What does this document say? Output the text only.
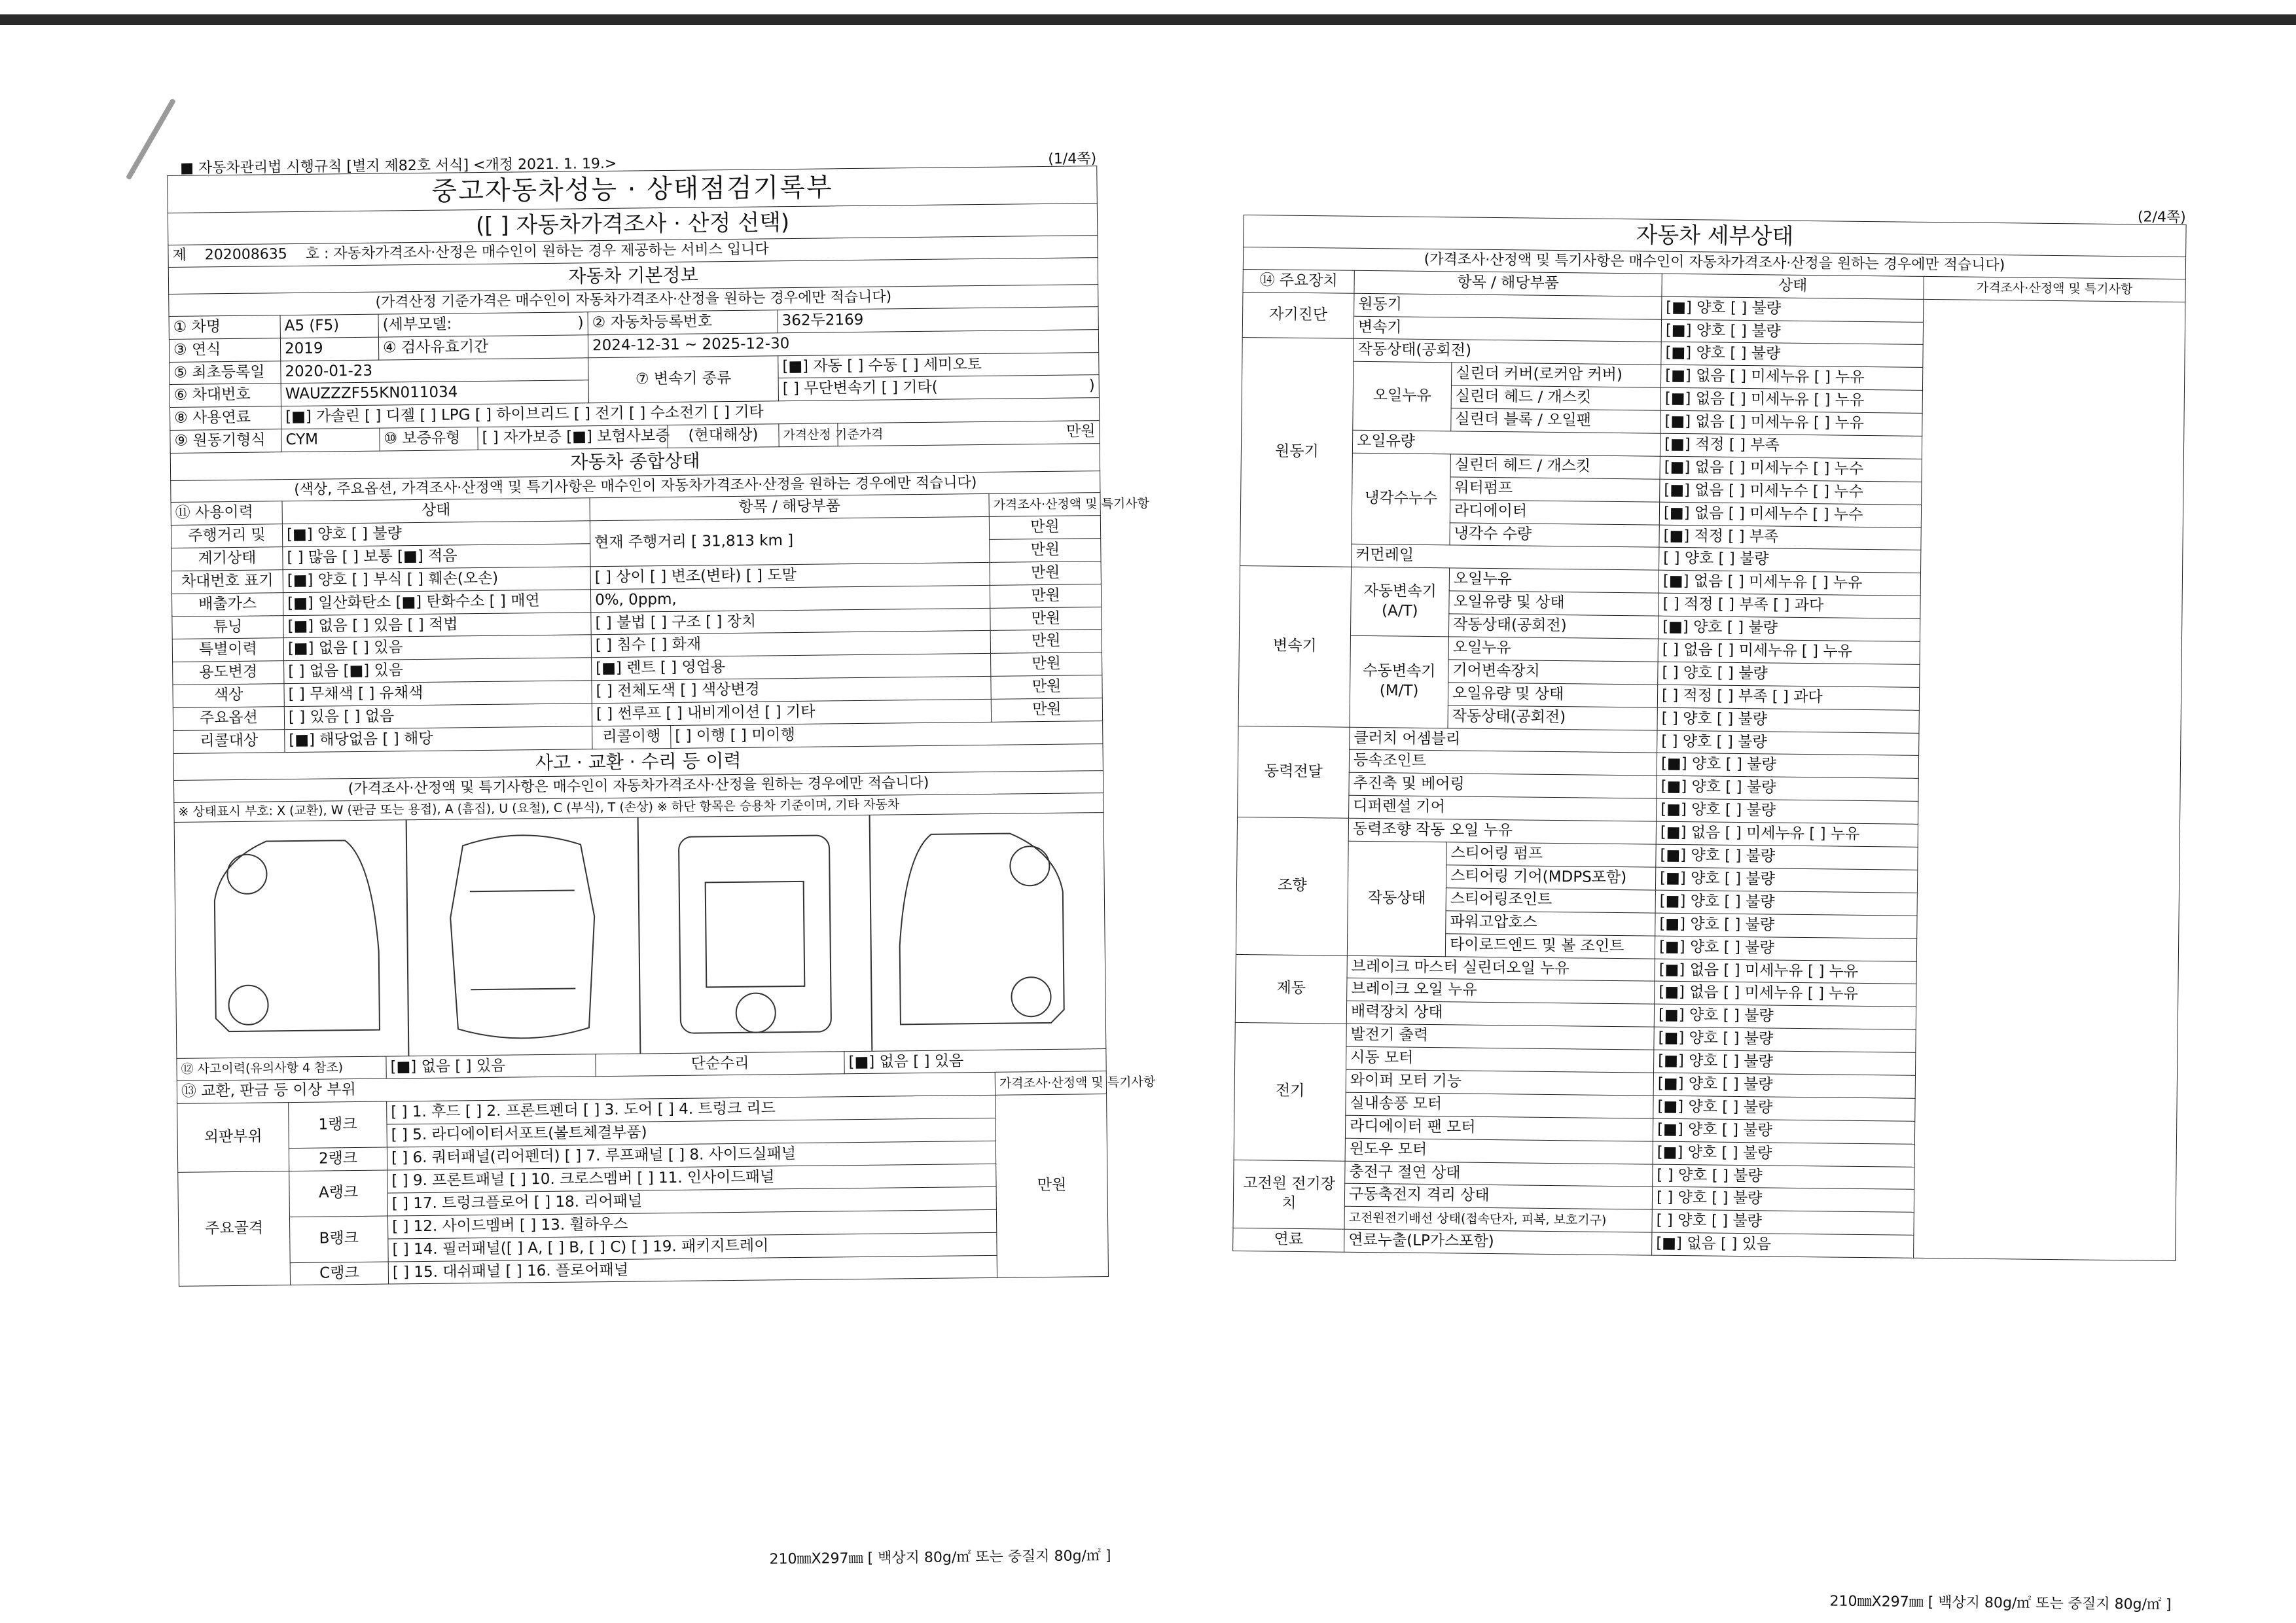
■ 자동차관리법 시행규칙 [별지 제82호 서식] <개정 2021. 1. 19.>	(1/4쪽)
중고자동차성능 · 상태점검기록부								
([ ] 자동차가격조사 · 산정 선택)								
제 202008635 호 : 자동차가격조사·산정은 매수인이 원하는 경우 제공하는 서비스 입니다								
자동차 기본정보								
(가격산정 기준가격은 매수인이 자동차가격조사·산정을 원하는 경우에만 적습니다)								
① 차명	A5 (F5)	(세부모델: )		② 자동차등록번호		362두2169		
③ 연식	2019	④ 검사유효기간		2024-12-31 ~ 2025-12-30				
⑤ 최초등록일	2020-01-23			⑦ 변속기 종류		[■] 자동 [ ] 수동 [ ] 세미오토		
⑥ 차대번호	WAUZZZF55KN011034					[ ] 무단변속기 [ ] 기타( )		

⑧ 사용연료	[■] 가솔린 [ ] 디젤 [ ] LPG [ ] 하이브리드 [ ] 전기 [ ] 수소전기 [ ] 기타							
⑨ 원동기형식	CYM	⑩ 보증유형	[ ] 자가보증 [■] 보험사보증		(현대해상)	가격산정 기준가격	만원	
자동차 종합상태								
(색상, 주요옵션, 가격조사·산정액 및 특기사항은 매수인이 자동차가격조사·산정을 원하는 경우에만 적습니다)								
⑪ 사용이력	상태			항목 / 해당부품				가격조사·산정액 및 특기사항
주행거리 및	[■] 양호 [ ] 불량			현재 주행거리 [ 31,813 km ]				만원
계기상태	[ ] 많음 [ ] 보통 [■] 적음							만원
차대번호 표기	[■] 양호 [ ] 부식 [ ] 훼손(오손)			[ ] 상이 [ ] 변조(변타) [ ] 도말				만원
배출가스	[■] 일산화탄소 [■] 탄화수소 [ ] 매연			0%, 0ppm,				만원
튜닝	[■] 없음 [ ] 있음 [ ] 적법			[ ] 불법 [ ] 구조 [ ] 장치				만원
특별이력	[■] 없음 [ ] 있음			[ ] 침수 [ ] 화재				만원
용도변경	[ ] 없음 [■] 있음			[■] 렌트 [ ] 영업용				만원
색상	[ ] 무채색 [ ] 유채색			[ ] 전체도색 [ ] 색상변경				만원
주요옵션	[ ] 있음 [ ] 없음			[ ] 썬루프 [ ] 내비게이션 [ ] 기타				만원
리콜대상	[■] 해당없음 [ ] 해당			리콜이행	[ ] 이행 [ ] 미이행			
사고 · 교환 · 수리 등 이력								
(가격조사·산정액 및 특기사항은 매수인이 자동차가격조사·산정을 원하는 경우에만 적습니다)								
※ 상태표시 부호: X (교환), W (판금 또는 용접), A (흠집), U (요철), C (부식), T (손상) ※ 하단 항목은 승용차 기준이며, 기타 자동차								

⑫ 사고이력(유의사항 4 참조)		[■] 없음 [ ] 있음		단순수리			[■] 없음 [ ] 있음	
⑬ 교환, 판금 등 이상 부위								가격조사·산정액 및 특기사항
외판부위	1랭크	[ ] 1. 후드 [ ] 2. 프론트펜더 [ ] 3. 도어 [ ] 4. 트렁크 리드						만원
		[ ] 5. 라디에이터서포트(볼트체결부품)						
	2랭크	[ ] 6. 쿼터패널(리어펜더) [ ] 7. 루프패널 [ ] 8. 사이드실패널						
주요골격	A랭크	[ ] 9. 프론트패널 [ ] 10. 크로스멤버 [ ] 11. 인사이드패널						
		[ ] 17. 트렁크플로어 [ ] 18. 리어패널						
	B랭크	[ ] 12. 사이드멤버 [ ] 13. 휠하우스						
		[ ] 14. 필러패널([ ] A, [ ] B, [ ] C) [ ] 19. 패키지트레이						
	C랭크	[ ] 15. 대쉬패널 [ ] 16. 플로어패널						
210㎜X297㎜ [ 백상지 80g/㎡ 또는 중질지 80g/㎡ ]
(2/4쪽)
자동차 세부상태				
(가격조사·산정액 및 특기사항은 매수인이 자동차가격조사·산정을 원하는 경우에만 적습니다)				
⑭ 주요장치	항목 / 해당부품		상태	가격조사·산정액 및 특기사항
자기진단	원동기		[■] 양호 [ ] 불량	
	변속기		[■] 양호 [ ] 불량	
원동기	작동상태(공회전)		[■] 양호 [ ] 불량	
	오일누유	실린더 커버(로커암 커버)	[■] 없음 [ ] 미세누유 [ ] 누유	
		실린더 헤드 / 개스킷	[■] 없음 [ ] 미세누유 [ ] 누유	
		실린더 블록 / 오일팬	[■] 없음 [ ] 미세누유 [ ] 누유	
	오일유량		[■] 적정 [ ] 부족	
	냉각수누수	실린더 헤드 / 개스킷	[■] 없음 [ ] 미세누수 [ ] 누수	
		워터펌프	[■] 없음 [ ] 미세누수 [ ] 누수	
		라디에이터	[■] 없음 [ ] 미세누수 [ ] 누수	
		냉각수 수량	[■] 적정 [ ] 부족	
	커먼레일		[ ] 양호 [ ] 불량	
변속기	자동변속기 (A/T)	오일누유	[■] 없음 [ ] 미세누유 [ ] 누유	
		오일유량 및 상태	[ ] 적정 [ ] 부족 [ ] 과다	
		작동상태(공회전)	[■] 양호 [ ] 불량	
	수동변속기 (M/T)	오일누유	[ ] 없음 [ ] 미세누유 [ ] 누유	
		기어변속장치	[ ] 양호 [ ] 불량	
		오일유량 및 상태	[ ] 적정 [ ] 부족 [ ] 과다	
		작동상태(공회전)	[ ] 양호 [ ] 불량	
동력전달	클러치 어셈블리		[ ] 양호 [ ] 불량	
	등속조인트		[■] 양호 [ ] 불량	
	추진축 및 베어링		[■] 양호 [ ] 불량	
	디퍼렌셜 기어		[■] 양호 [ ] 불량	
조향	동력조향 작동 오일 누유		[■] 없음 [ ] 미세누유 [ ] 누유	
	작동상태	스티어링 펌프	[■] 양호 [ ] 불량	
		스티어링 기어(MDPS포함)	[■] 양호 [ ] 불량	
		스티어링조인트	[■] 양호 [ ] 불량	
		파워고압호스	[■] 양호 [ ] 불량	
		타이로드엔드 및 볼 조인트	[■] 양호 [ ] 불량	
제동	브레이크 마스터 실린더오일 누유		[■] 없음 [ ] 미세누유 [ ] 누유	
	브레이크 오일 누유		[■] 없음 [ ] 미세누유 [ ] 누유	
	배력장치 상태		[■] 양호 [ ] 불량	
전기	발전기 출력		[■] 양호 [ ] 불량	
	시동 모터		[■] 양호 [ ] 불량	
	와이퍼 모터 기능		[■] 양호 [ ] 불량	
	실내송풍 모터		[■] 양호 [ ] 불량	
	라디에이터 팬 모터		[■] 양호 [ ] 불량	
	윈도우 모터		[■] 양호 [ ] 불량	
고전원 전기장치	충전구 절연 상태		[ ] 양호 [ ] 불량	
	구동축전지 격리 상태		[ ] 양호 [ ] 불량	
	고전원전기배선 상태(접속단자, 피복, 보호기구)		[ ] 양호 [ ] 불량	
연료	연료누출(LP가스포함)		[■] 없음 [ ] 있음	
210㎜X297㎜ [ 백상지 80g/㎡ 또는 중질지 80g/㎡ ]
